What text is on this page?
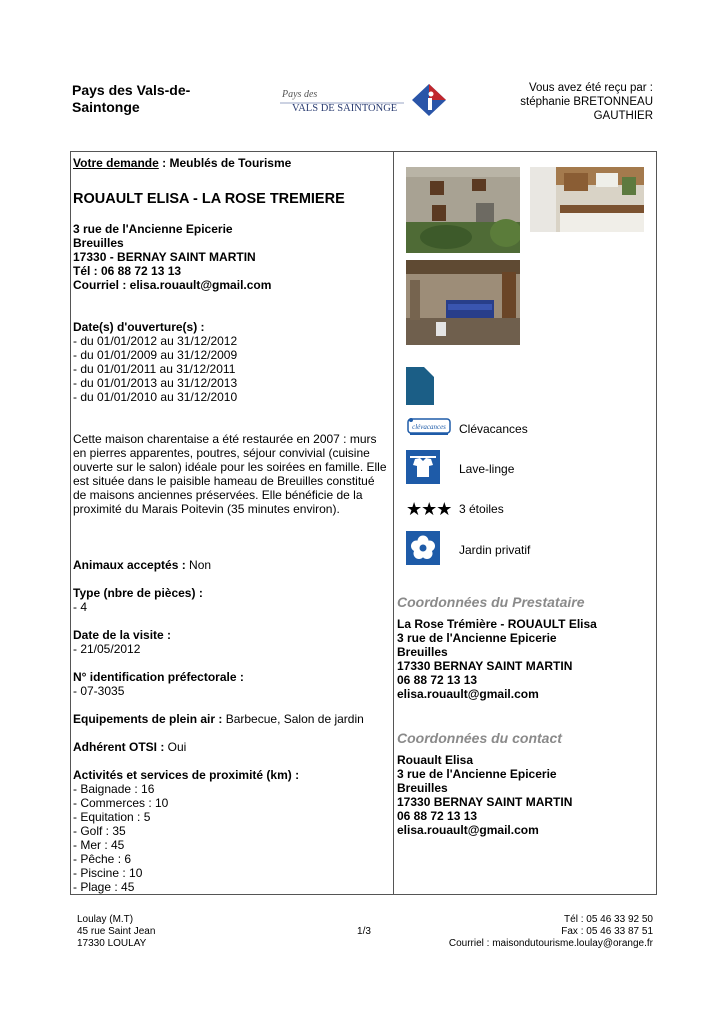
Pays des Vals-de-Saintonge
Pays des
VALS DE SAINTONGE
Vous avez été reçu par :
stéphanie BRETONNEAU
GAUTHIER
Votre demande : Meublés de Tourisme
ROUAULT ELISA - LA ROSE TREMIERE
3 rue de l'Ancienne Epicerie
Breuilles
17330 - BERNAY SAINT MARTIN
Tél : 06 88 72 13 13
Courriel : elisa.rouault@gmail.com
Date(s) d'ouverture(s) :
- du 01/01/2012 au 31/12/2012
- du 01/01/2009 au 31/12/2009
- du 01/01/2011 au 31/12/2011
- du 01/01/2013 au 31/12/2013
- du 01/01/2010 au 31/12/2010
Cette maison charentaise a été restaurée en 2007 : murs en pierres apparentes, poutres, séjour convivial (cuisine ouverte sur le salon) idéale pour les soirées en famille. Elle est située dans le paisible hameau de Breuilles constitué de maisons anciennes préservées. Elle bénéficie de la proximité du Marais Poitevin (35 minutes environ).
Animaux acceptés : Non
Type (nbre de pièces) :
- 4
Date de la visite :
- 21/05/2012
N° identification préfectorale :
- 07-3035
Equipements de plein air : Barbecue, Salon de jardin
Adhérent OTSI : Oui
Activités et services de proximité (km) :
- Baignade : 16
- Commerces : 10
- Equitation : 5
- Golf : 35
- Mer : 45
- Pêche : 6
- Piscine : 10
- Plage : 45
clévacances Clévacances
Lave-linge
★★★ 3 étoiles
Jardin privatif
Coordonnées du Prestataire
La Rose Trémière - ROUAULT Elisa
3 rue de l'Ancienne Epicerie
Breuilles
17330 BERNAY SAINT MARTIN
06 88 72 13 13
elisa.rouault@gmail.com
Coordonnées du contact
Rouault Elisa
3 rue de l'Ancienne Epicerie
Breuilles
17330 BERNAY SAINT MARTIN
06 88 72 13 13
elisa.rouault@gmail.com
Loulay (M.T)
45 rue Saint Jean
17330 LOULAY
1/3
Tél : 05 46 33 92 50
Fax : 05 46 33 87 51
Courriel : maisondutourisme.loulay@orange.fr
